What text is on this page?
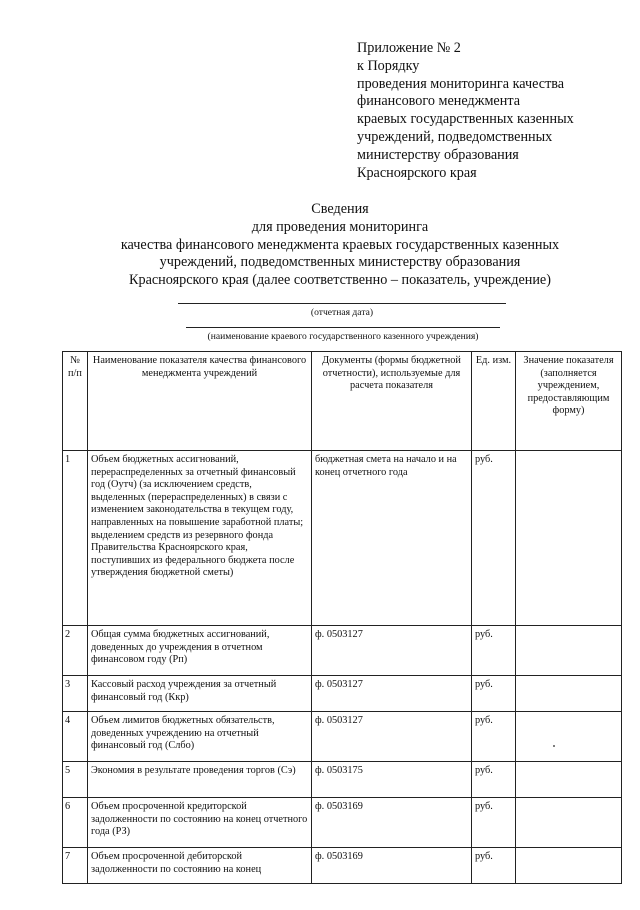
Приложение № 2
к Порядку
проведения мониторинга качества
финансового менеджмента
краевых государственных казенных
учреждений, подведомственных
министерству образования
Красноярского края
Сведения
для проведения мониторинга
качества финансового менеджмента краевых государственных казенных
учреждений, подведомственных министерству образования
Красноярского края (далее соответственно – показатель, учреждение)
(отчетная дата)
(наименование краевого государственного казенного учреждения)
№ п/п	Наименование показателя качества финансового менеджмента учреждений	Документы (формы бюджетной отчетности), используемые для расчета показателя	Ед. изм.	Значение показателя (заполняется учреждением, предоставляющим форму)
1	Объем бюджетных ассигнований, перераспределенных за отчетный финансовый год (Оутч) (за исключением средств, выделенных (перераспределенных) в связи с изменением законодательства в текущем году, направленных на повышение заработной платы; выделением средств из резервного фонда Правительства Красноярского края, поступивших из федерального бюджета после утверждения бюджетной сметы)	бюджетная смета на начало и на конец отчетного года	руб.	
2	Общая сумма бюджетных ассигнований, доведенных до учреждения в отчетном финансовом году (Рп)	ф. 0503127	руб.	
3	Кассовый расход учреждения за отчетный финансовый год (Ккр)	ф. 0503127	руб.	
4	Объем лимитов бюджетных обязательств, доведенных учреждению на отчетный финансовый год (Слбо)	ф. 0503127	руб.	
5	Экономия в результате проведения торгов (Сэ)	ф. 0503175	руб.	
6	Объем просроченной кредиторской задолженности по состоянию на конец отчетного года (РЗ)	ф. 0503169	руб.	
7	Объем просроченной дебиторской задолженности по состоянию на конец	ф. 0503169	руб.	
